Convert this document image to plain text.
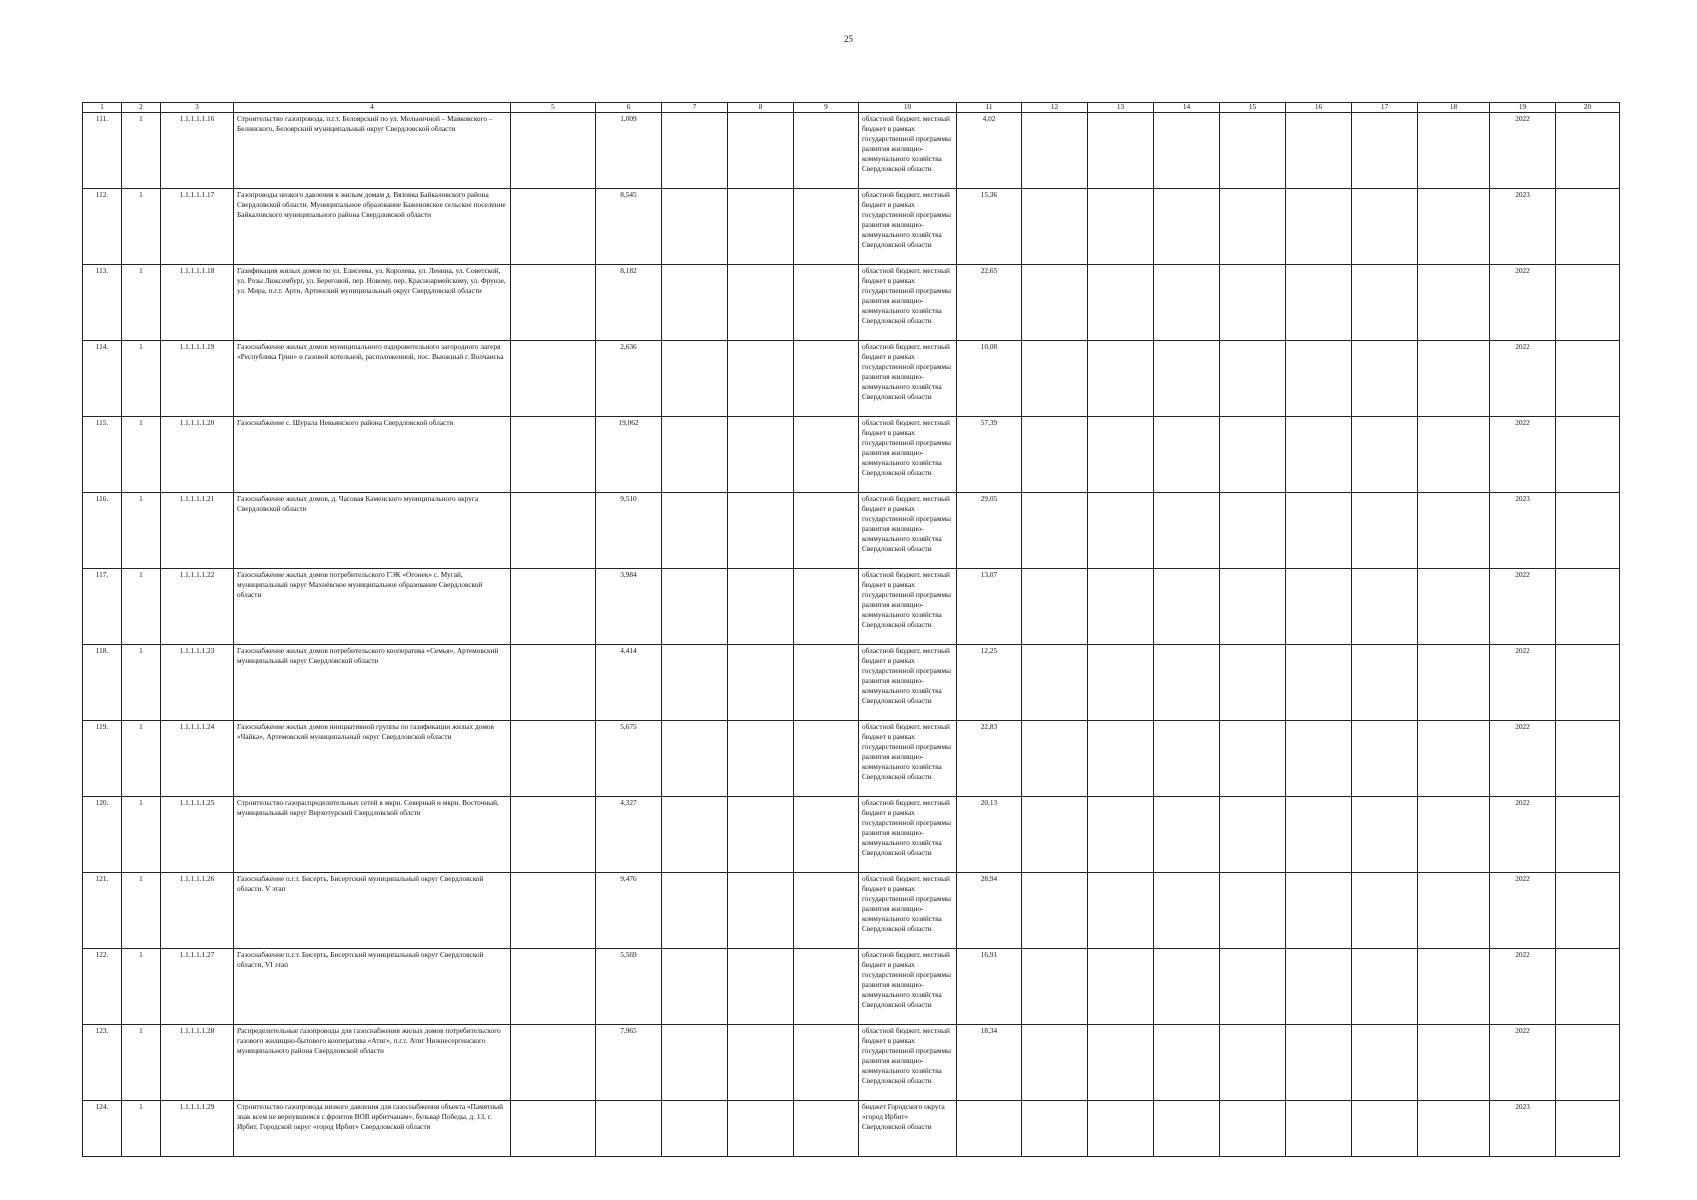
25
1	2	3	4	5	6	7	8	9	10	11	12	13	14	15	16	17	18	19	20
111.	1	1.1.1.1.1.16	Строительство газопровода, п.г.т. Белоярский по ул. Мельничной – Маяковского – Белинского, Белоярский муниципальный округ Свердловской области		1,009				областной бюджет, местный бюджет в рамках государственной программы развития жилищно-коммунального хозяйства Свердловской области	4,02								2022	
112.	1	1.1.1.1.1.17	Газопроводы низкого давления к жилым домам д. Вязовка Байкаловского района Свердловской области. Муниципальное образование Баженовское сельское поселение Байкаловского муниципального района Свердловской области		8,545				областной бюджет, местный бюджет в рамках государственной программы развития жилищно-коммунального хозяйства Свердловской области	15,36								2023	
113.	1	1.1.1.1.1.18	Газификация жилых домов по ул. Елисеева, ул. Королева, ул. Ленина, ул. Советской, ул. Розы Люксембург, ул. Береговой, пер. Новому, пер. Красноармейскому, ул. Фрунзе, ул. Мира, п.г.т. Арти, Артинский муниципальный округ Свердловской области		8,182				областной бюджет, местный бюджет в рамках государственной программы развития жилищно-коммунального хозяйства Свердловской области	22,65								2022	
114.	1	1.1.1.1.1.19	Газоснабжение жилых домов муниципального оздоровительного загородного лагеря «Республика Грин» и газовой котельной, расположенной, пос. Вьюжный г. Волчанска		2,636				областной бюджет, местный бюджет в рамках государственной программы развития жилищно-коммунального хозяйства Свердловской области	10,08								2022	
115.	1	1.1.1.1.1.20	Газоснабжение с. Шурала Невьянского района Свердловской области		19,062				областной бюджет, местный бюджет в рамках государственной программы развития жилищно-коммунального хозяйства Свердловской области	57,39								2022	
116.	1	1.1.1.1.1.21	Газоснабжение жилых домов, д. Часовая Каменского муниципального округа Свердловской области		9,510				областной бюджет, местный бюджет в рамках государственной программы развития жилищно-коммунального хозяйства Свердловской области	29,05								2023	
117.	1	1.1.1.1.1.22	Газоснабжение жилых домов потребительского ГЭК «Огонек» с. Мугай, муниципальный округ Махнёвское муниципальное образование Свердловской области		3,984				областной бюджет, местный бюджет в рамках государственной программы развития жилищно-коммунального хозяйства Свердловской области	13,07								2022	
118.	1	1.1.1.1.1.23	Газоснабжение жилых домов потребительского кооператива «Семья», Артемовский муниципальный округ Свердловской области		4,414				областной бюджет, местный бюджет в рамках государственной программы развития жилищно-коммунального хозяйства Свердловской области	12,25								2022	
119.	1	1.1.1.1.1.24	Газоснабжение жилых домов инициативной группы по газификации жилых домов «Чайка», Артемовский муниципальный округ Свердловской области		5,675				областной бюджет, местный бюджет в рамках государственной программы развития жилищно-коммунального хозяйства Свердловской области	22,83								2022	
120.	1	1.1.1.1.1.25	Строительство газораспределительных сетей в мкрн. Северный и мкрн. Восточный, муниципальный округ Верхотурский Свердловской облсти		4,327				областной бюджет, местный бюджет в рамках государственной программы развития жилищно-коммунального хозяйства Свердловской области	20,13								2022	
121.	1	1.1.1.1.1.26	Газоснабжение п.г.т. Бисерть, Бисертский муниципальный округ Свердловской области. V этап		9,476				областной бюджет, местный бюджет в рамках государственной программы развития жилищно-коммунального хозяйства Свердловской области	28,94								2022	
122.	1	1.1.1.1.1.27	Газоснабжение п.г.т. Бисерть, Бисертский муниципальный округ Свердловской области, VI этап		5,569				областной бюджет, местный бюджет в рамках государственной программы развития жилищно-коммунального хозяйства Свердловской области	16,91								2022	
123.	1	1.1.1.1.1.28	Распределительные газопроводы для газоснабжения жилых домов потребительского газового жилищно-бытового кооператива «Атиг», п.г.т. Атиг Нижнесергинского муниципального района Свердловской области		7,965				областной бюджет, местный бюджет в рамках государственной программы развития жилищно-коммунального хозяйства Свердловской области	18,34								2022	
124.	1	1.1.1.1.1.29	Строительство газопровода низкого давления для газоснабжения объекта «Памятный знак всем не вернувшимся с фронтов ВОВ ирбитчанам», бульвар Победы, д. 13, г. Ирбит, Городской округ «город Ирбит» Свердловской области						бюджет Городского округа «город Ирбит» Свердловской области									2023	
